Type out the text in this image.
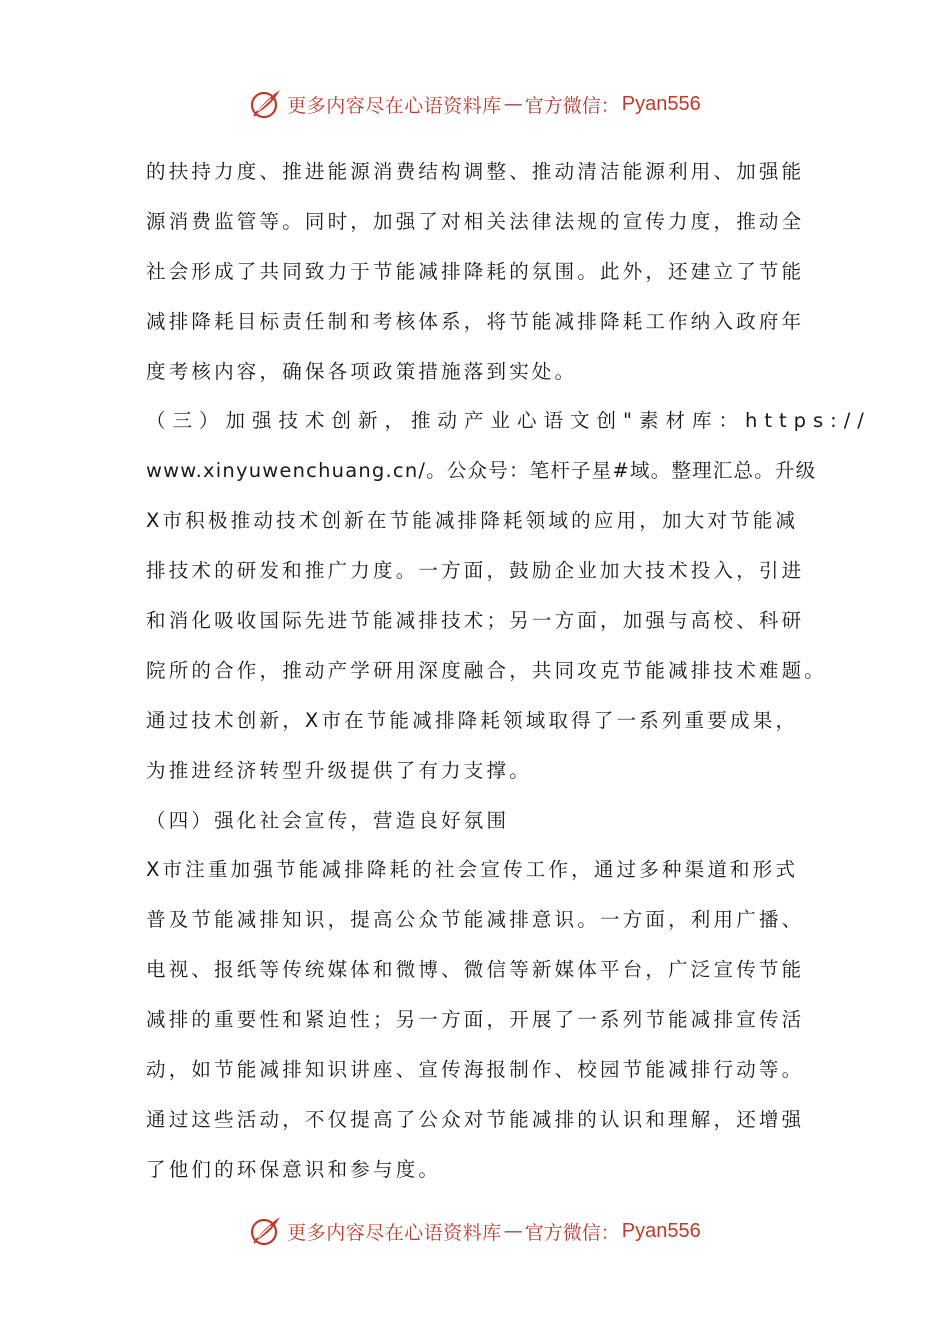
更多内容尽在心语资料库 — 官方微信： Pyan556
的扶持力度、推进能源消费结构调整、推动清洁能源利用、加强能
源消费监管等。同时，加强了对相关法律法规的宣传力度，推动全
社会形成了共同致力于节能减排降耗的氛围。此外，还建立了节能
减排降耗目标责任制和考核体系，将节能减排降耗工作纳入政府年
度考核内容，确保各项政策措施落到实处。
（三）加强技术创新，推动产业心语文创"素材库：https://
www.xinyuwenchuang.cn/。公众号：笔杆子星#域。整理汇总。升级
X市积极推动技术创新在节能减排降耗领域的应用，加大对节能减
排技术的研发和推广力度。一方面，鼓励企业加大技术投入，引进
和消化吸收国际先进节能减排技术；另一方面，加强与高校、科研
院所的合作，推动产学研用深度融合，共同攻克节能减排技术难题。
通过技术创新，X市在节能减排降耗领域取得了一系列重要成果，
为推进经济转型升级提供了有力支撑。
（四）强化社会宣传，营造良好氛围
X市注重加强节能减排降耗的社会宣传工作，通过多种渠道和形式
普及节能减排知识，提高公众节能减排意识。一方面，利用广播、
电视、报纸等传统媒体和微博、微信等新媒体平台，广泛宣传节能
减排的重要性和紧迫性；另一方面，开展了一系列节能减排宣传活
动，如节能减排知识讲座、宣传海报制作、校园节能减排行动等。
通过这些活动，不仅提高了公众对节能减排的认识和理解，还增强
了他们的环保意识和参与度。
更多内容尽在心语资料库 — 官方微信： Pyan556
